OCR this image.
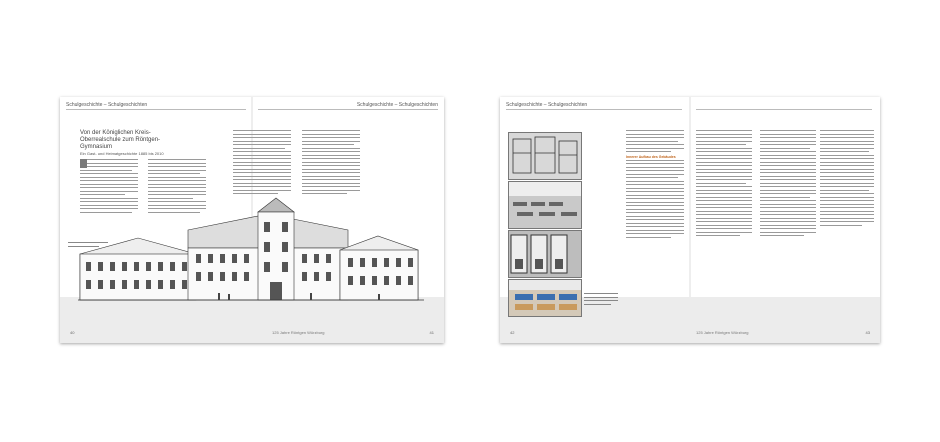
Schulgeschichte – Schulgeschichten	Schulgeschichte – Schulgeschichten
Von der Königlichen Kreis-Oberrealschule zum Röntgen-Gymnasium
Ein Gast- und Heimatgeschichte 1885 bis 2010
40	125 Jahre Röntgen Würzburg	41
Schulgeschichte – Schulgeschichten
Innerer Aufbau des Gebäudes
42	125 Jahre Röntgen Würzburg	43
